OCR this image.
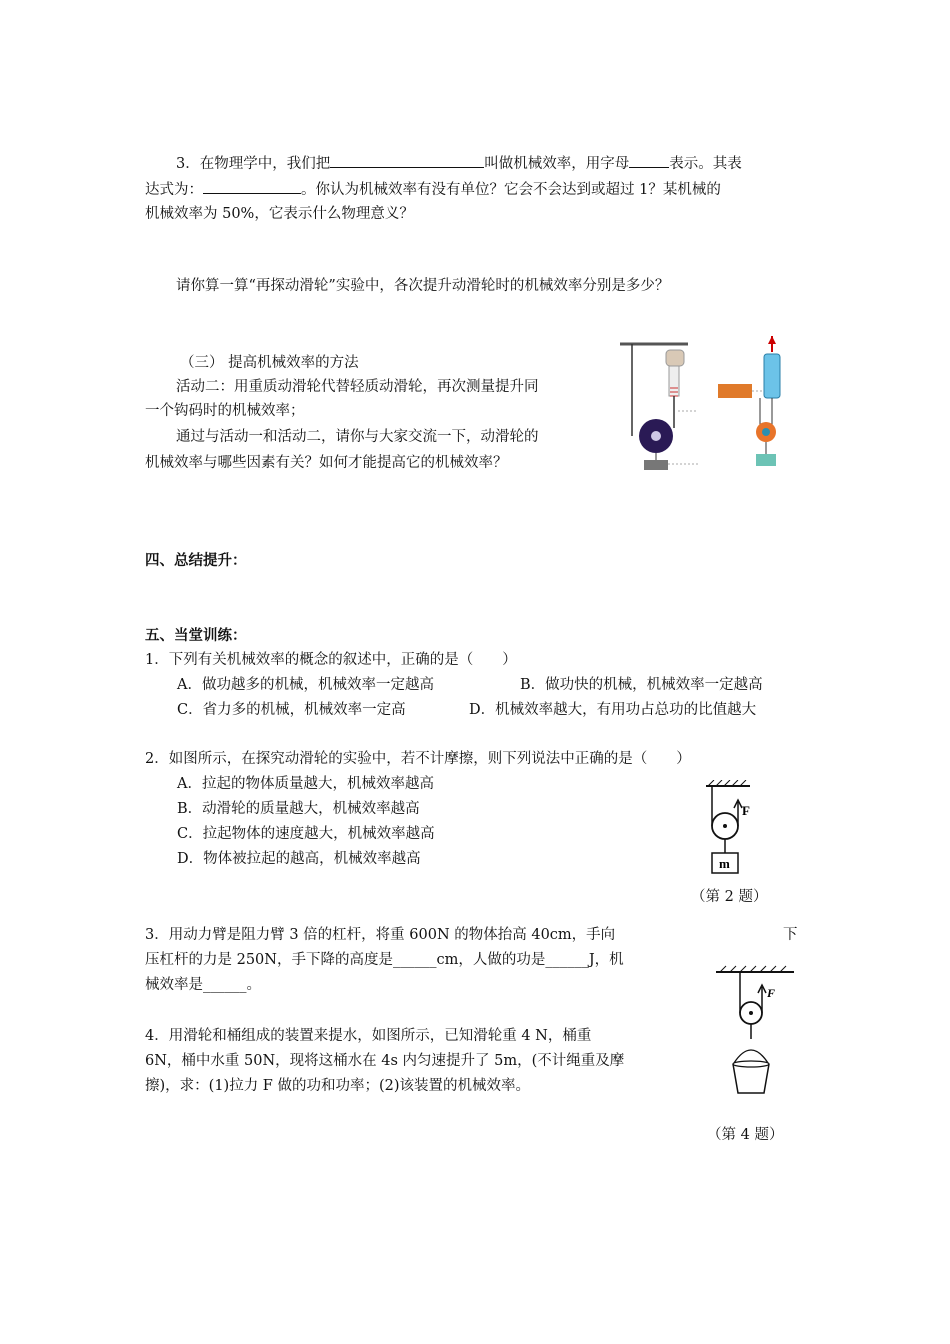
3．在物理学中，我们把	叫做机械效率，用字母	表示。其表
达式为：	。你认为机械效率有没有单位？它会不会达到或超过 1？某机械的
机械效率为 50%，它表示什么物理意义？
请你算一算“再探动滑轮”实验中，各次提升动滑轮时的机械效率分别是多少？
（三） 提高机械效率的方法
活动二：用重质动滑轮代替轻质动滑轮，再次测量提升同
一个钩码时的机械效率；
通过与活动一和活动二，请你与大家交流一下，动滑轮的
机械效率与哪些因素有关？如何才能提高它的机械效率？
四、总结提升：
五、当堂训练：
1．下列有关机械效率的概念的叙述中，正确的是（　　）
A．做功越多的机械，机械效率一定越高	B．做功快的机械，机械效率一定越高
C．省力多的机械，机械效率一定高	D．机械效率越大，有用功占总功的比值越大
2．如图所示，在探究动滑轮的实验中，若不计摩擦，则下列说法中正确的是（　　）
A．拉起的物体质量越大，机械效率越高
B．动滑轮的质量越大，机械效率越高
C．拉起物体的速度越大，机械效率越高
D．物体被拉起的越高，机械效率越高
F
m
（第 2 题）
3．用动力臂是阻力臂 3 倍的杠杆，将重 600N 的物体抬高 40cm，手向	下
压杠杆的力是 250N，手下降的高度是______cm，人做的功是______J，机
械效率是______。
4．用滑轮和桶组成的装置来提水，如图所示，已知滑轮重 4 N，桶重
6N，桶中水重 50N，现将这桶水在 4s 内匀速提升了 5m，(不计绳重及摩
擦)，求：(1)拉力 F 做的功和功率；(2)该装置的机械效率。
F
（第 4 题）
